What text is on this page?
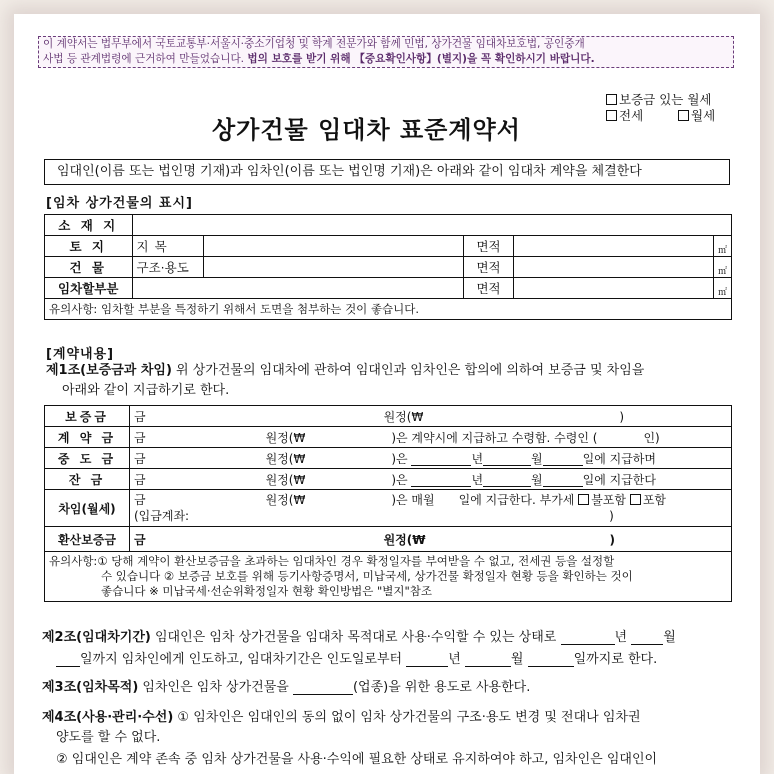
이 계약서는 법무부에서 국토교통부·서울시·중소기업청 및 학계 전문가와 함께 민법, 상가건물 임대차보호법, 공인중개
사법 등 관계법령에 근거하여 만들었습니다. 법의 보호를 받기 위해 【중요확인사항】(별지)을 꼭 확인하시기 바랍니다.
상가건물 임대차 표준계약서
보증금 있는 월세
전세	월세
임대인(이름 또는 법인명 기재)과 임차인(이름 또는 법인명 기재)은 아래와 같이 임대차 계약을 체결한다
[임차 상가건물의 표시]
소 재 지					
토 지	지목		면적		㎡
건 물	구조·용도		면적		㎡
임차할부분			면적		㎡
유의사항: 임차할 부분을 특정하기 위해서 도면을 첨부하는 것이 좋습니다.					
[계약내용]
제1조(보증금과 차임) 위 상가건물의 임대차에 관하여 임대인과 임차인은 합의에 의하여 보증금 및 차임을
아래와 같이 지급하기로 한다.
보증금	금 원정(₩ )
계 약 금	금 원정(₩ )은 계약시에 지급하고 수령함. 수령인 ( 인)
중 도 금	금 원정(₩ )은 년 월 일에 지급하며
잔 금	금 원정(₩ )은 년 월 일에 지급한다
차임(월세)	금 원정(₩ )은 매월 일에 지급한다. 부가세 불포함 포함
(입금계좌: )

환산보증금	금 원정(₩ )

유의사항:① 당해 계약이 환산보증금을 초과하는 임대차인 경우 확정일자를 부여받을 수 없고, 전세권 등을 설정할
수 있습니다 ② 보증금 보호를 위해 등기사항증명서, 미납국세, 상가건물 확정일자 현황 등을 확인하는 것이
좋습니다 ※ 미납국세·선순위확정일자 현황 확인방법은 "별지"참조	
제2조(임대차기간) 임대인은 임차 상가건물을 임대차 목적대로 사용·수익할 수 있는 상태로	년	월
일까지 임차인에게 인도하고, 임대차기간은 인도일로부터	년	월	일까지로 한다.
제3조(임차목적) 임차인은 임차 상가건물을	(업종)을 위한 용도로 사용한다.
제4조(사용·관리·수선) ① 임차인은 임대인의 동의 없이 임차 상가건물의 구조·용도 변경 및 전대나 임차권
양도를 할 수 없다.
② 임대인은 계약 존속 중 임차 상가건물을 사용·수익에 필요한 상태로 유지하여야 하고, 임차인은 임대인이
